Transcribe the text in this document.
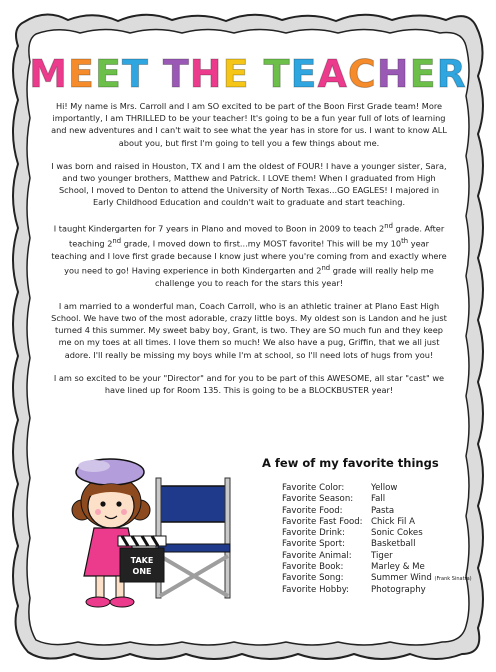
MEET THE TEACHER

Hi! My name is Mrs. Carroll and I am SO excited to be part of the Boon First Grade team! More importantly, I am THRILLED to be your teacher! It's going to be a fun year full of lots of learning and new adventures and I can't wait to see what the year has in store for us. I want to know ALL about you, but first I'm going to tell you a few things about me.

I was born and raised in Houston, TX and I am the oldest of FOUR! I have a younger sister, Sara, and two younger brothers, Matthew and Patrick. I LOVE them! When I graduated from High School, I moved to Denton to attend the University of North Texas...GO EAGLES! I majored in Early Childhood Education and couldn't wait to graduate and start teaching.

I taught Kindergarten for 7 years in Plano and moved to Boon in 2009 to teach 2nd grade. After teaching 2nd grade, I moved down to first...my MOST favorite! This will be my 10th year teaching and I love first grade because I know just where you're coming from and exactly where you need to go! Having experience in both Kindergarten and 2nd grade will really help me challenge you to reach for the stars this year!

I am married to a wonderful man, Coach Carroll, who is an athletic trainer at Plano East High School. We have two of the most adorable, crazy little boys. My oldest son is Landon and he just turned 4 this summer. My sweet baby boy, Grant, is two. They are SO much fun and they keep me on my toes at all times. I love them so much! We also have a pug, Griffin, that we all just adore. I'll really be missing my boys while I'm at school, so I'll need lots of hugs from you!

I am so excited to be your "Director" and for you to be part of this AWESOME, all star "cast" we have lined up for Room 135. This is going to be a BLOCKBUSTER year!

TAKE
ONE
A few of my favorite things
Favorite Color:	Yellow
Favorite Season:	Fall
Favorite Food:	Pasta
Favorite Fast Food: Chick Fil A
Favorite Drink:	Sonic Cokes
Favorite Sport:	Basketball
Favorite Animal:	Tiger
Favorite Book:	Marley & Me
Favorite Song:	Summer Wind (Frank Sinatra)
Favorite Hobby:	Photography
